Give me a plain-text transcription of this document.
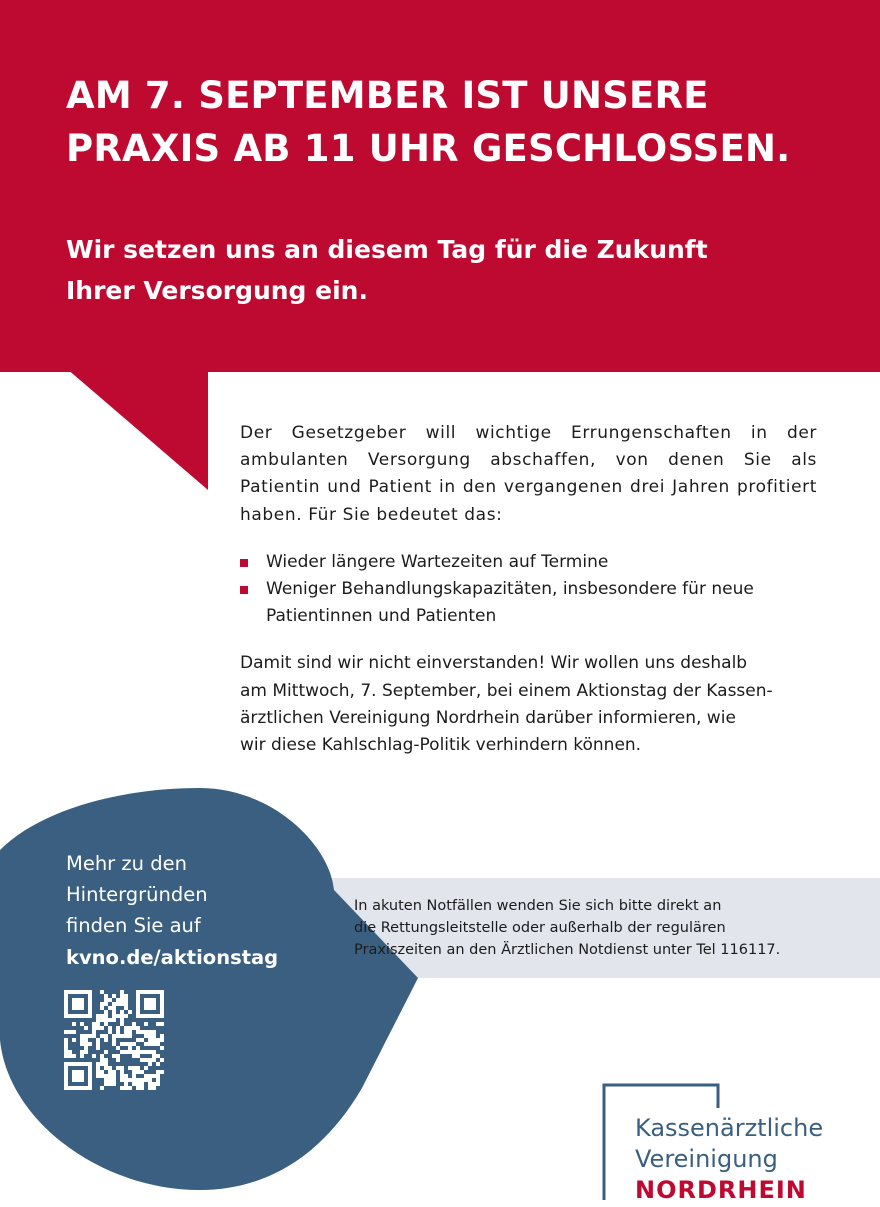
AM 7. SEPTEMBER IST UNSERE
PRAXIS AB 11 UHR GESCHLOSSEN.
Wir setzen uns an diesem Tag für die Zukunft
Ihrer Versorgung ein.

Der Gesetzgeber will wichtige Errungenschaften in der ambulanten Versorgung abschaffen, von denen Sie als Patientin und Patient in den vergangenen drei Jahren profitiert haben. Für Sie bedeutet das:

Wieder längere Wartezeiten auf Termine
Weniger Behandlungskapazitäten, insbesondere für neue Patientinnen und Patienten

Damit sind wir nicht einverstanden! Wir wollen uns deshalb
am Mittwoch, 7. September, bei einem Aktionstag der Kassen-
ärztlichen Vereinigung Nordrhein darüber informieren, wie
wir diese Kahlschlag-Politik verhindern können.

In akuten Notfällen wenden Sie sich bitte direkt an
die Rettungsleitstelle oder außerhalb der regulären
Praxiszeiten an den Ärztlichen Notdienst unter Tel 116117.

Mehr zu den
Hintergründen
finden Sie auf
kvno.de/aktionstag

Kassenärztliche
Vereinigung
NORDRHEIN
